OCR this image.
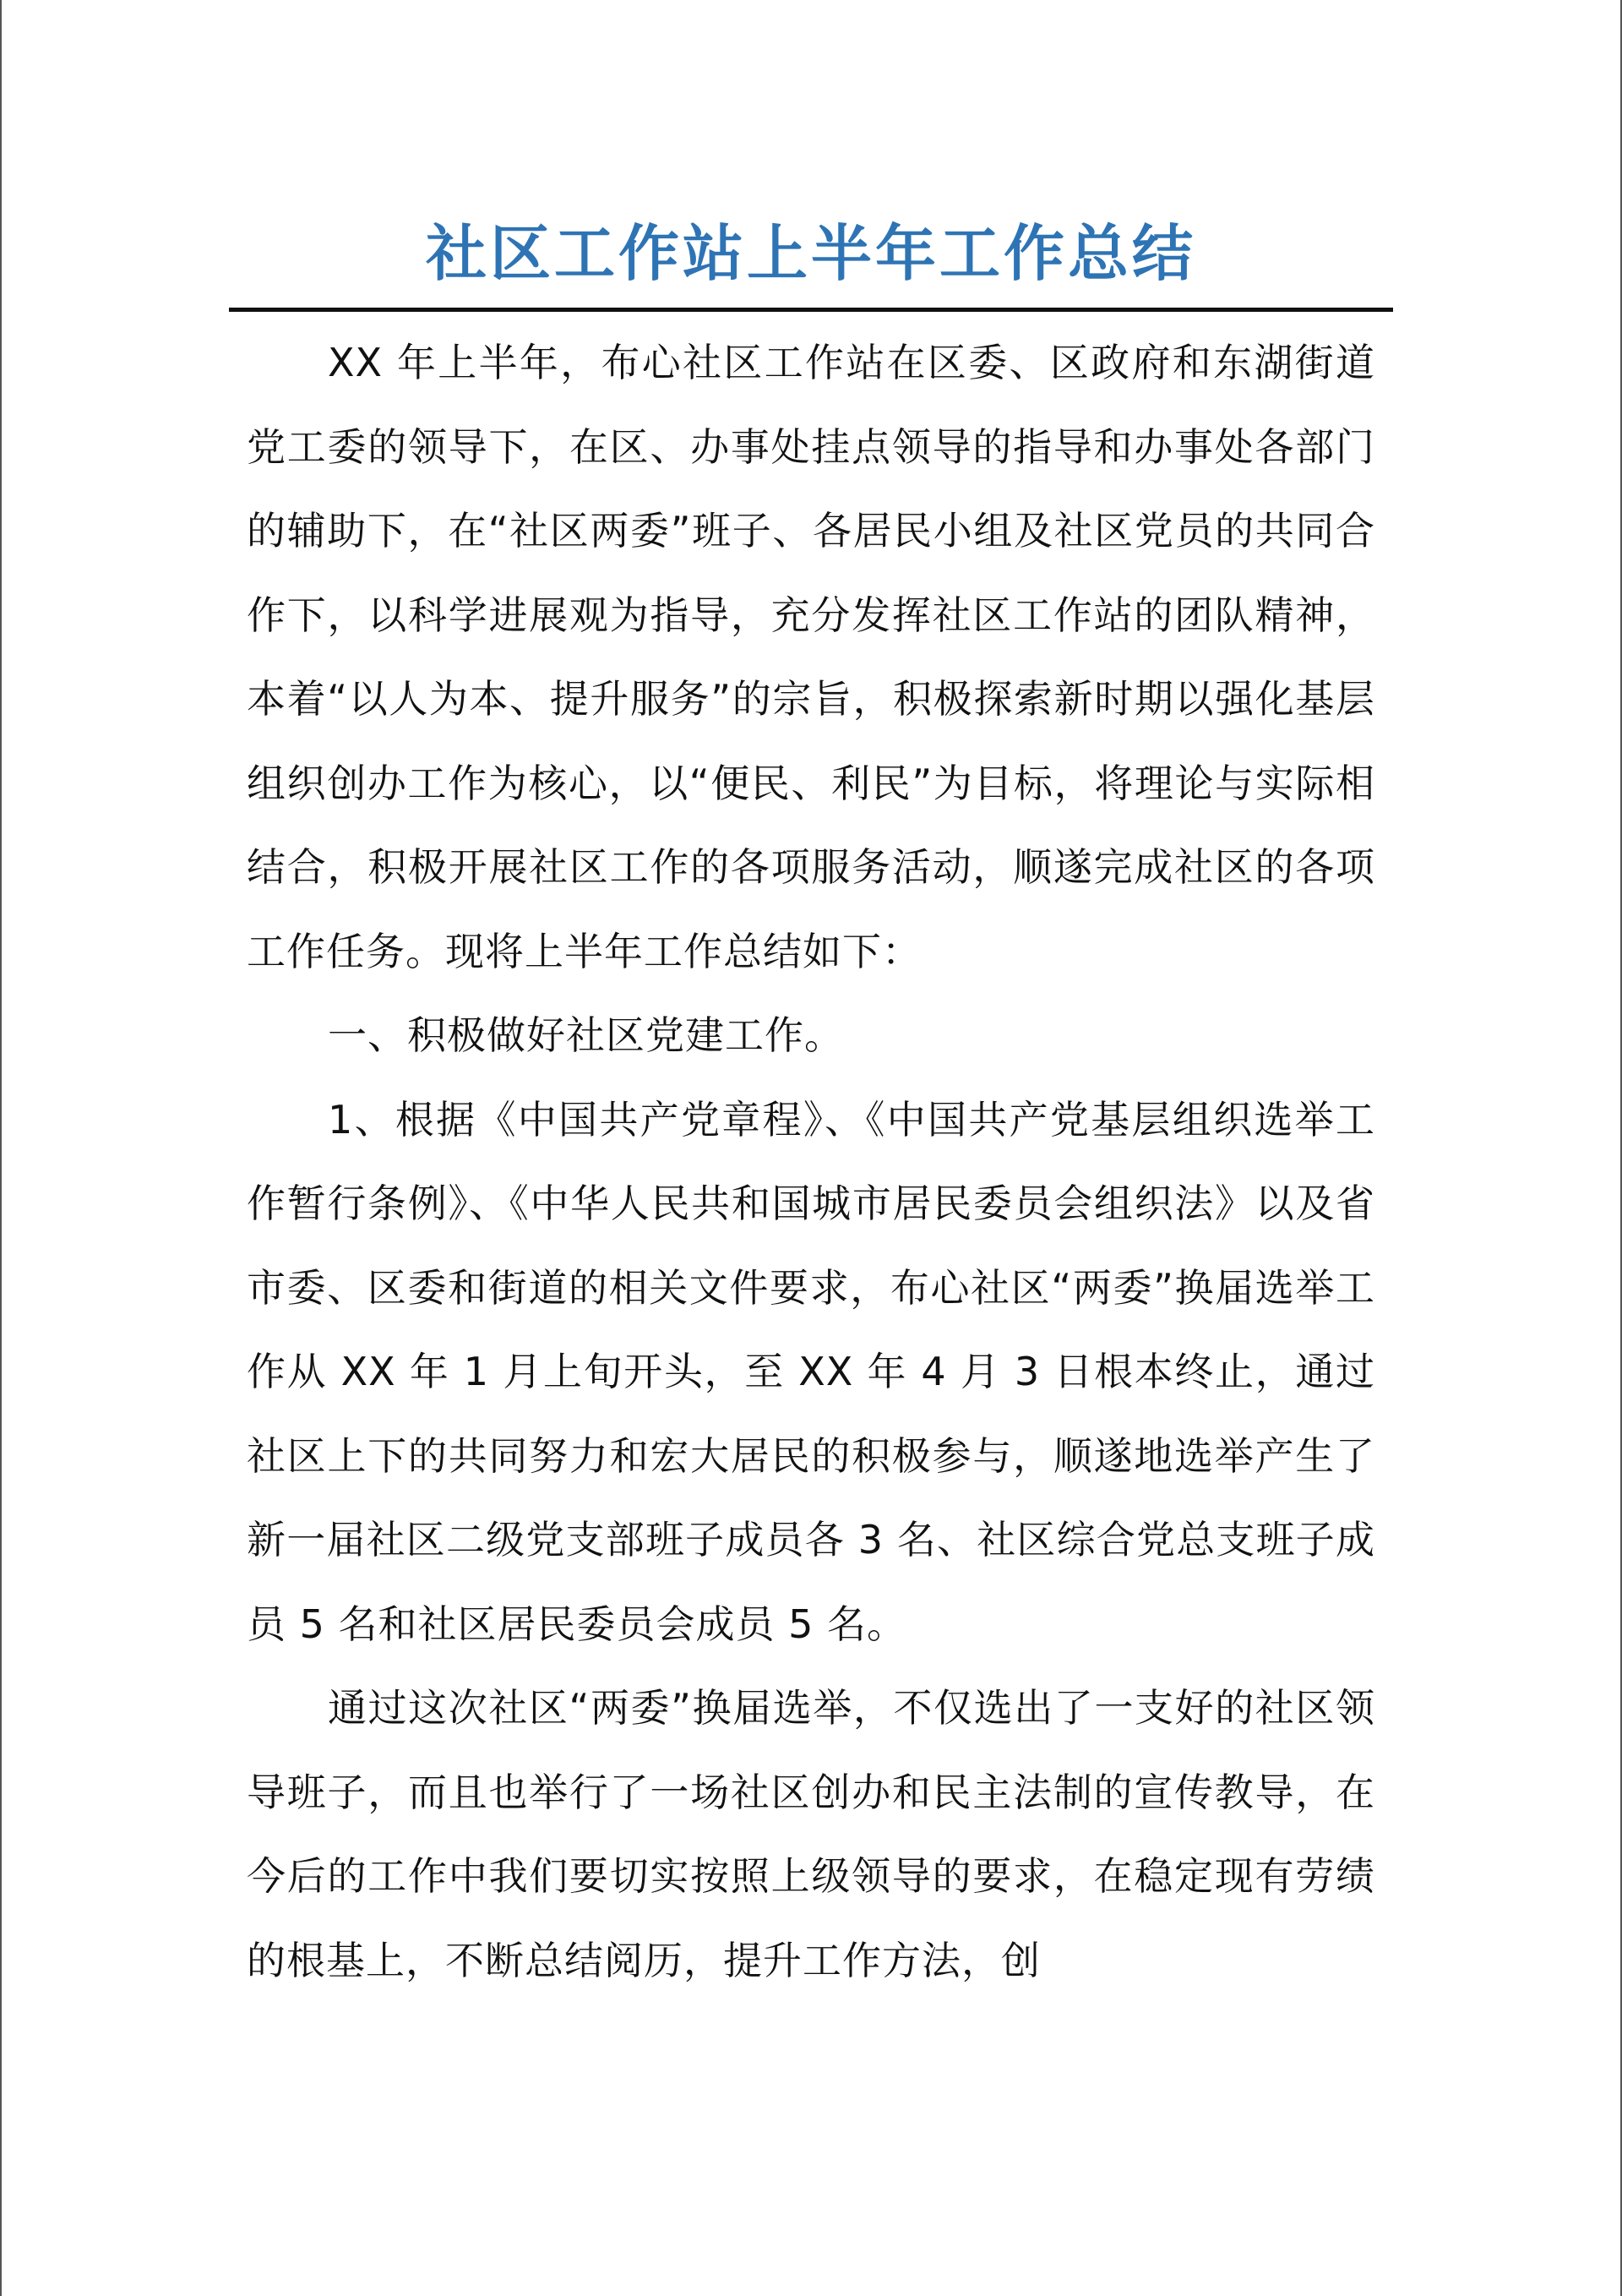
社区工作站上半年工作总结

XX 年上半年，布心社区工作站在区委、区政府和东湖街道党工委的领导下，在区、办事处挂点领导的指导和办事处各部门的辅助下，在“社区两委”班子、各居民小组及社区党员的共同合作下，以科学进展观为指导，充分发挥社区工作站的团队精神，本着“以人为本、提升服务”的宗旨，积极探索新时期以强化基层组织创办工作为核心，以“便民、利民”为目标，将理论与实际相结合，积极开展社区工作的各项服务活动，顺遂完成社区的各项工作任务。现将上半年工作总结如下：

一、积极做好社区党建工作。

1、根据《中国共产党章程》、《中国共产党基层组织选举工作暂行条例》、《中华人民共和国城市居民委员会组织法》以及省市委、区委和街道的相关文件要求，布心社区“两委”换届选举工作从 XX 年 1 月上旬开头，至 XX 年 4 月 3 日根本终止，通过社区上下的共同努力和宏大居民的积极参与，顺遂地选举产生了新一届社区二级党支部班子成员各 3 名、社区综合党总支班子成员 5 名和社区居民委员会成员 5 名。

通过这次社区“两委”换届选举，不仅选出了一支好的社区领导班子，而且也举行了一场社区创办和民主法制的宣传教导，在今后的工作中我们要切实按照上级领导的要求，在稳定现有劳绩的根基上，不断总结阅历，提升工作方法，创
